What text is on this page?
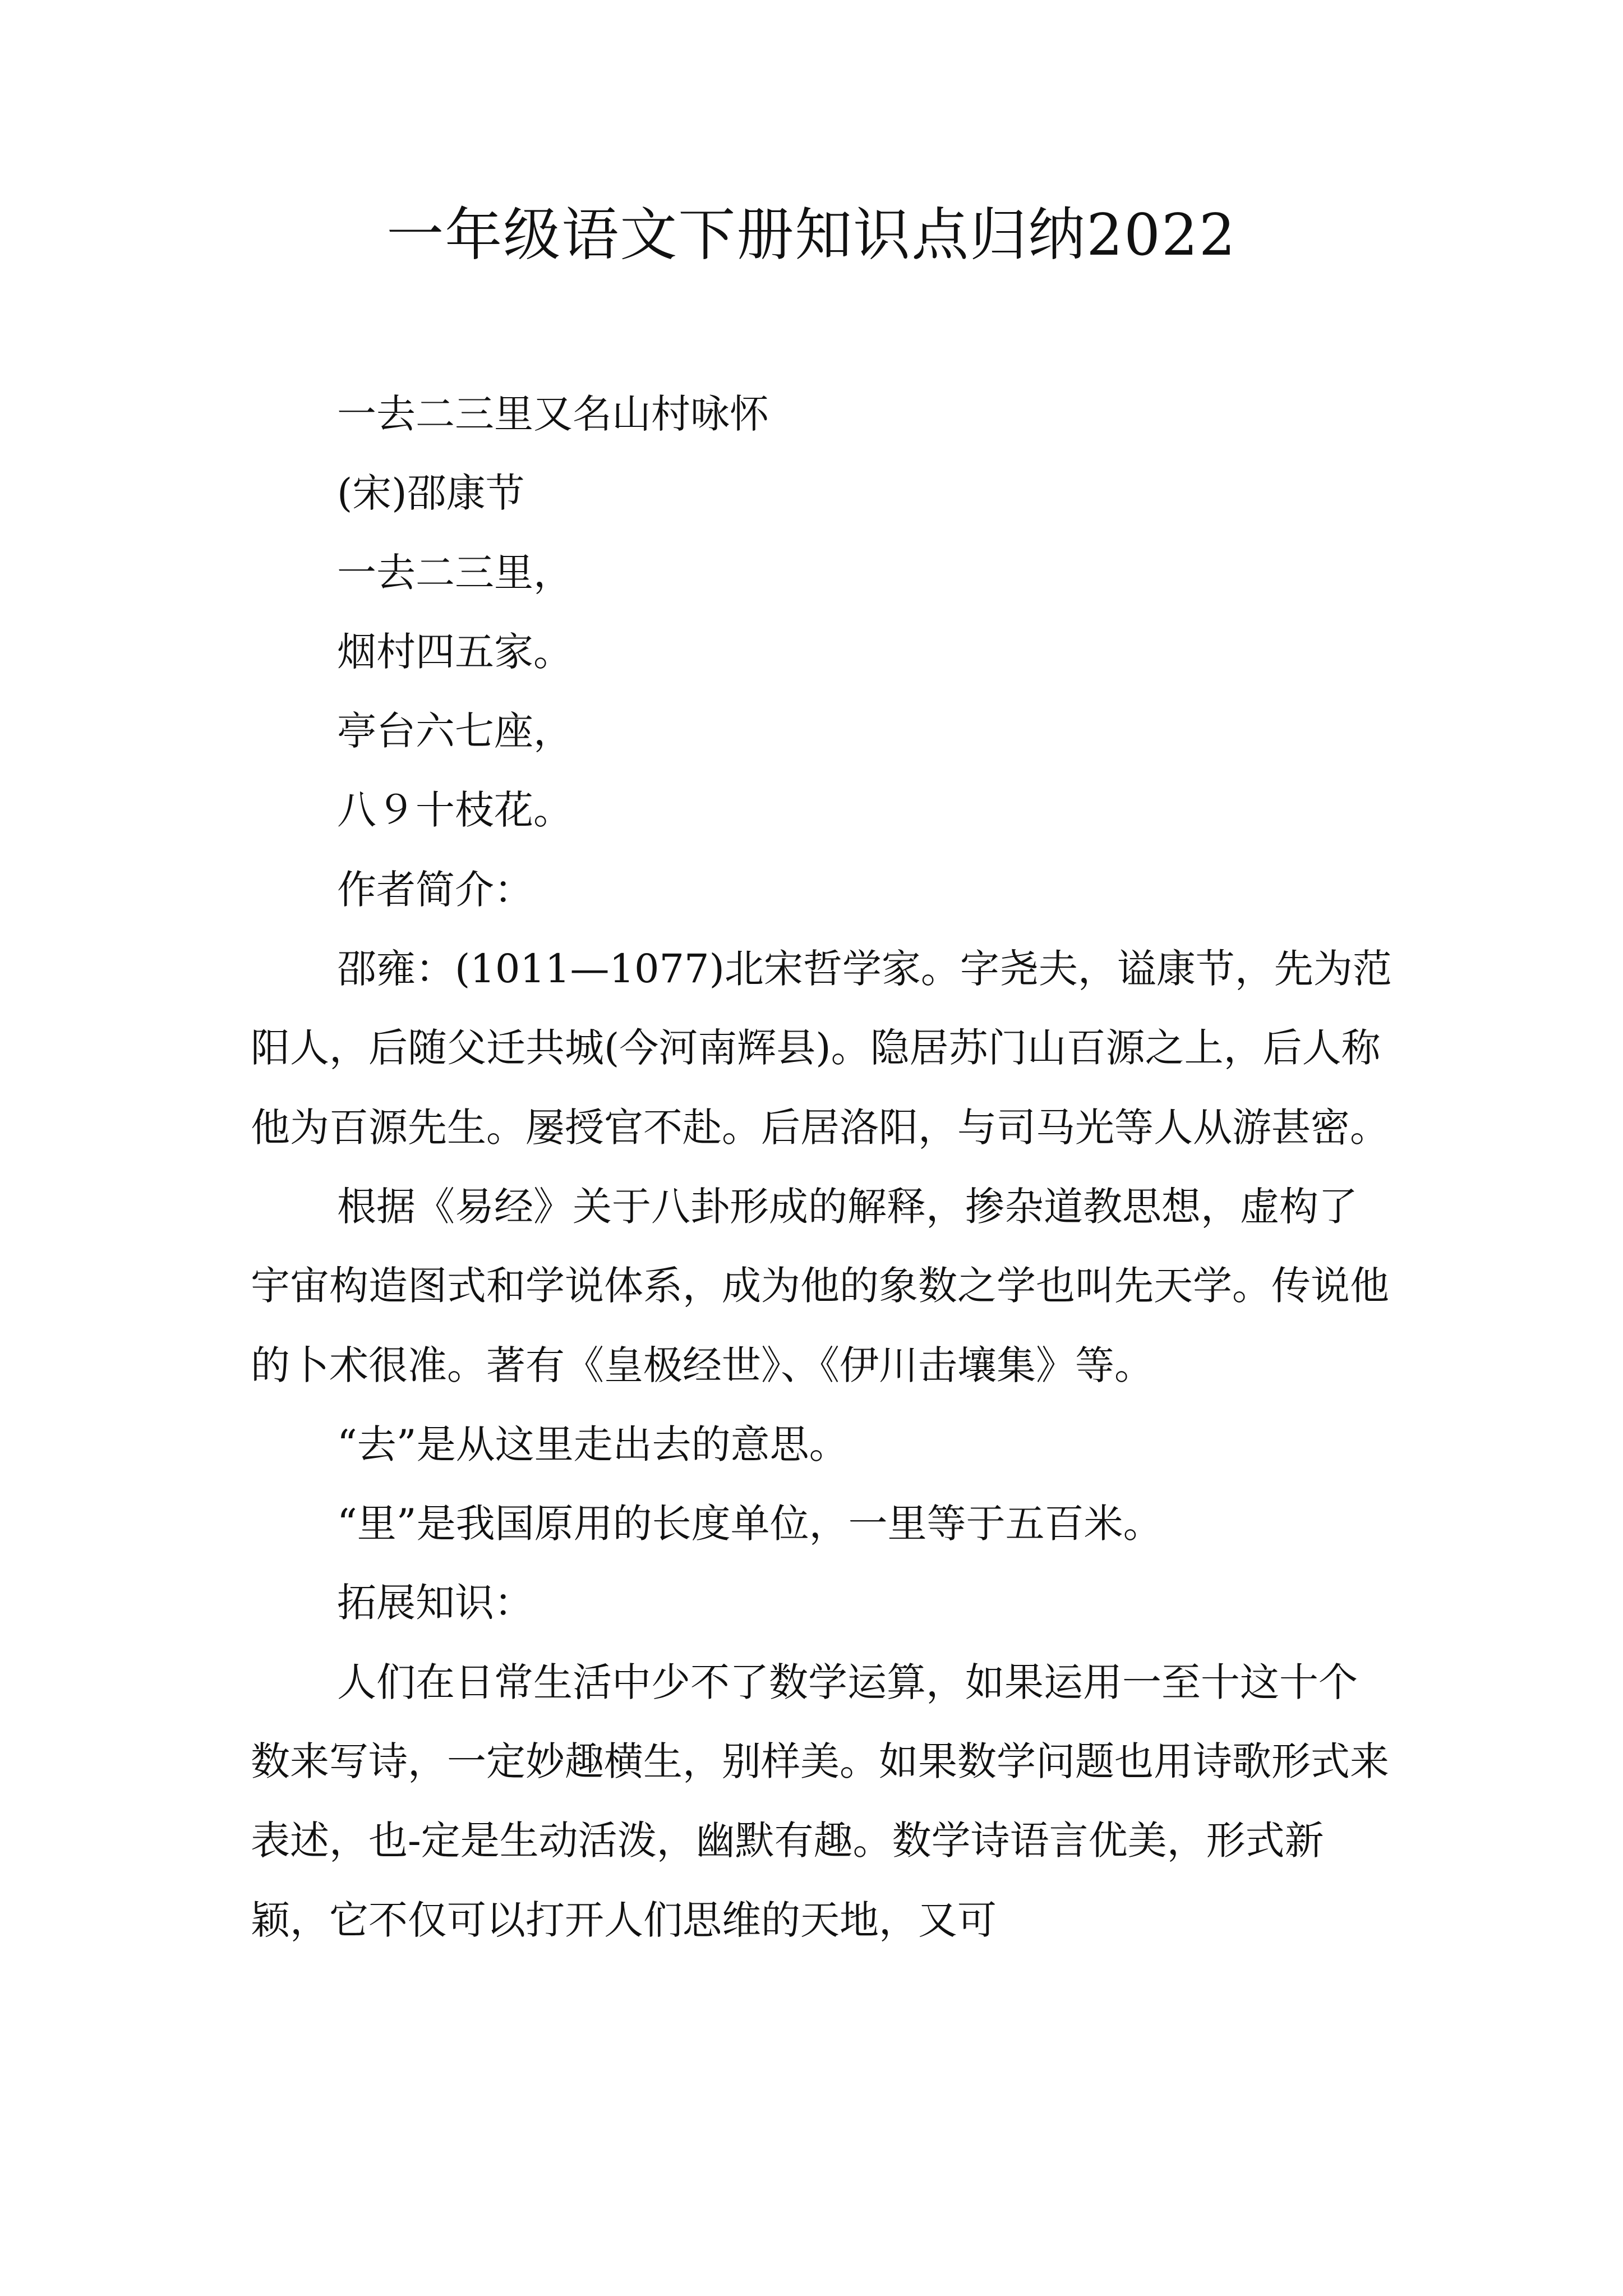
一年级语文下册知识点归纳2022

一去二三里又名山村咏怀

(宋)邵康节

一去二三里，

烟村四五家。

亭台六七座，

八９十枝花。

作者简介：

邵雍：(1011—1077)北宋哲学家。字尧夫，谥康节，先为范阳人，后随父迁共城(今河南辉县)。隐居苏门山百源之上，后人称他为百源先生。屡授官不赴。后居洛阳，与司马光等人从游甚密。

根据《易经》关于八卦形成的解释，掺杂道教思想，虚构了宇宙构造图式和学说体系，成为他的象数之学也叫先天学。传说他的卜术很准。著有《皇极经世》、《伊川击壤集》等。

“去”是从这里走出去的意思。

“里”是我国原用的长度单位，一里等于五百米。

拓展知识：

人们在日常生活中少不了数学运算，如果运用一至十这十个数来写诗，一定妙趣横生，别样美。如果数学问题也用诗歌形式来表述，也-定是生动活泼，幽默有趣。数学诗语言优美，形式新颖，它不仅可以打开人们思维的天地，又可
